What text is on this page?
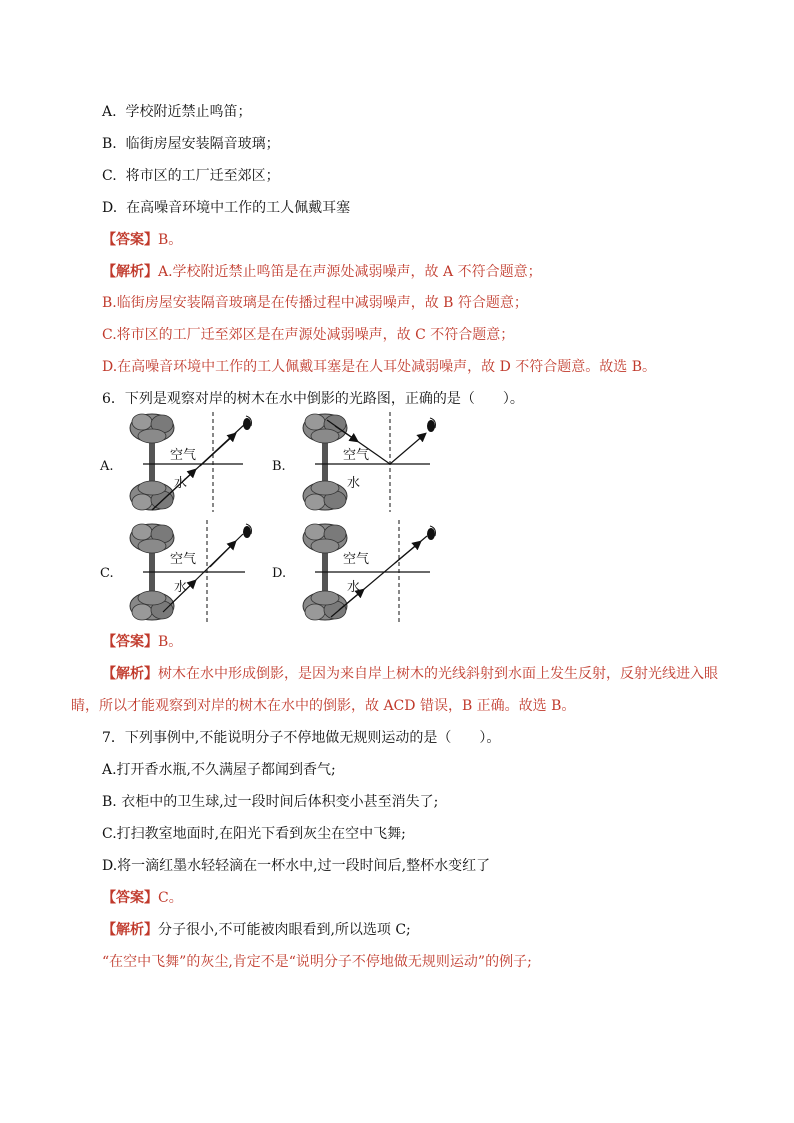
A. 学校附近禁止鸣笛；
B. 临街房屋安装隔音玻璃；
C. 将市区的工厂迁至郊区；
D. 在高噪音环境中工作的工人佩戴耳塞
【答案】B。
【解析】A.学校附近禁止鸣笛是在声源处减弱噪声，故 A 不符合题意；
B.临街房屋安装隔音玻璃是在传播过程中减弱噪声，故 B 符合题意；
C.将市区的工厂迁至郊区是在声源处减弱噪声，故 C 不符合题意；
D.在高噪音环境中工作的工人佩戴耳塞是在人耳处减弱噪声，故 D 不符合题意。故选 B。
6．下列是观察对岸的树木在水中倒影的光路图，正确的是（　　）。
A.	B.
C.	D.
空气
水
空气
水
空气
水
空气
水
【答案】B。
【解析】树木在水中形成倒影，是因为来自岸上树木的光线斜射到水面上发生反射，反射光线进入眼
睛，所以才能观察到对岸的树木在水中的倒影，故 ACD 错误，B 正确。故选 B。
7．下列事例中,不能说明分子不停地做无规则运动的是（　　）。
A.打开香水瓶,不久满屋子都闻到香气;
B. 衣柜中的卫生球,过一段时间后体积变小甚至消失了;
C.打扫教室地面时,在阳光下看到灰尘在空中飞舞;
D.将一滴红墨水轻轻滴在一杯水中,过一段时间后,整杯水变红了
【答案】C。
【解析】分子很小,不可能被肉眼看到,所以选项 C;
“在空中飞舞”的灰尘,肯定不是“说明分子不停地做无规则运动”的例子;
